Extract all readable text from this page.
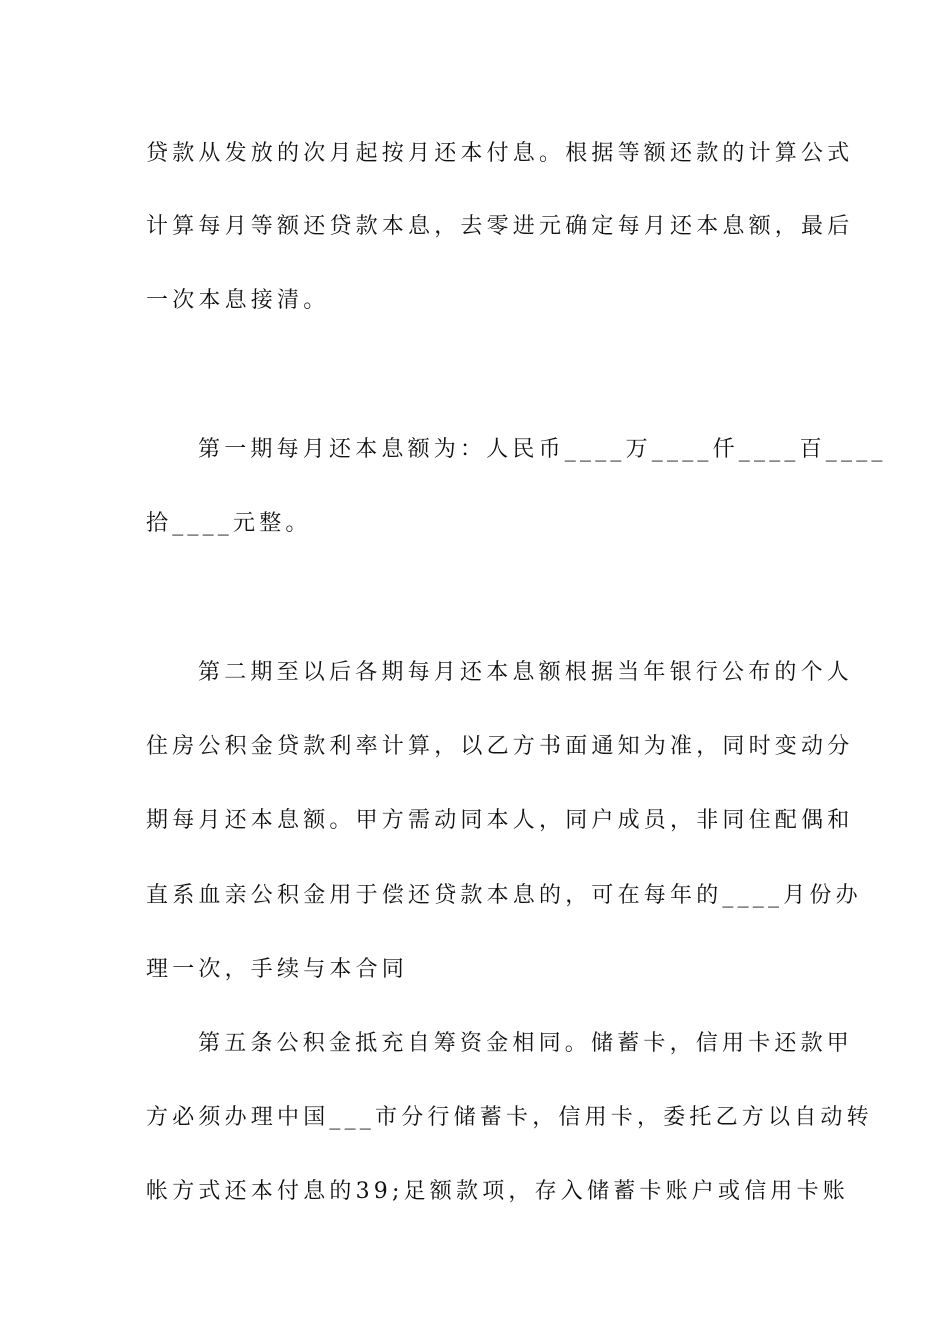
贷款从发放的次月起按月还本付息。根据等额还款的计算公式
计算每月等额还贷款本息，去零进元确定每月还本息额，最后
一次本息接清。
第一期每月还本息额为：人民币____万____仟____百____
拾____元整。
第二期至以后各期每月还本息额根据当年银行公布的个人
住房公积金贷款利率计算，以乙方书面通知为准，同时变动分
期每月还本息额。甲方需动同本人，同户成员，非同住配偶和
直系血亲公积金用于偿还贷款本息的，可在每年的____月份办
理一次，手续与本合同
第五条公积金抵充自筹资金相同。储蓄卡，信用卡还款甲
方必须办理中国___市分行储蓄卡，信用卡，委托乙方以自动转
帐方式还本付息的39;足额款项，存入储蓄卡账户或信用卡账
